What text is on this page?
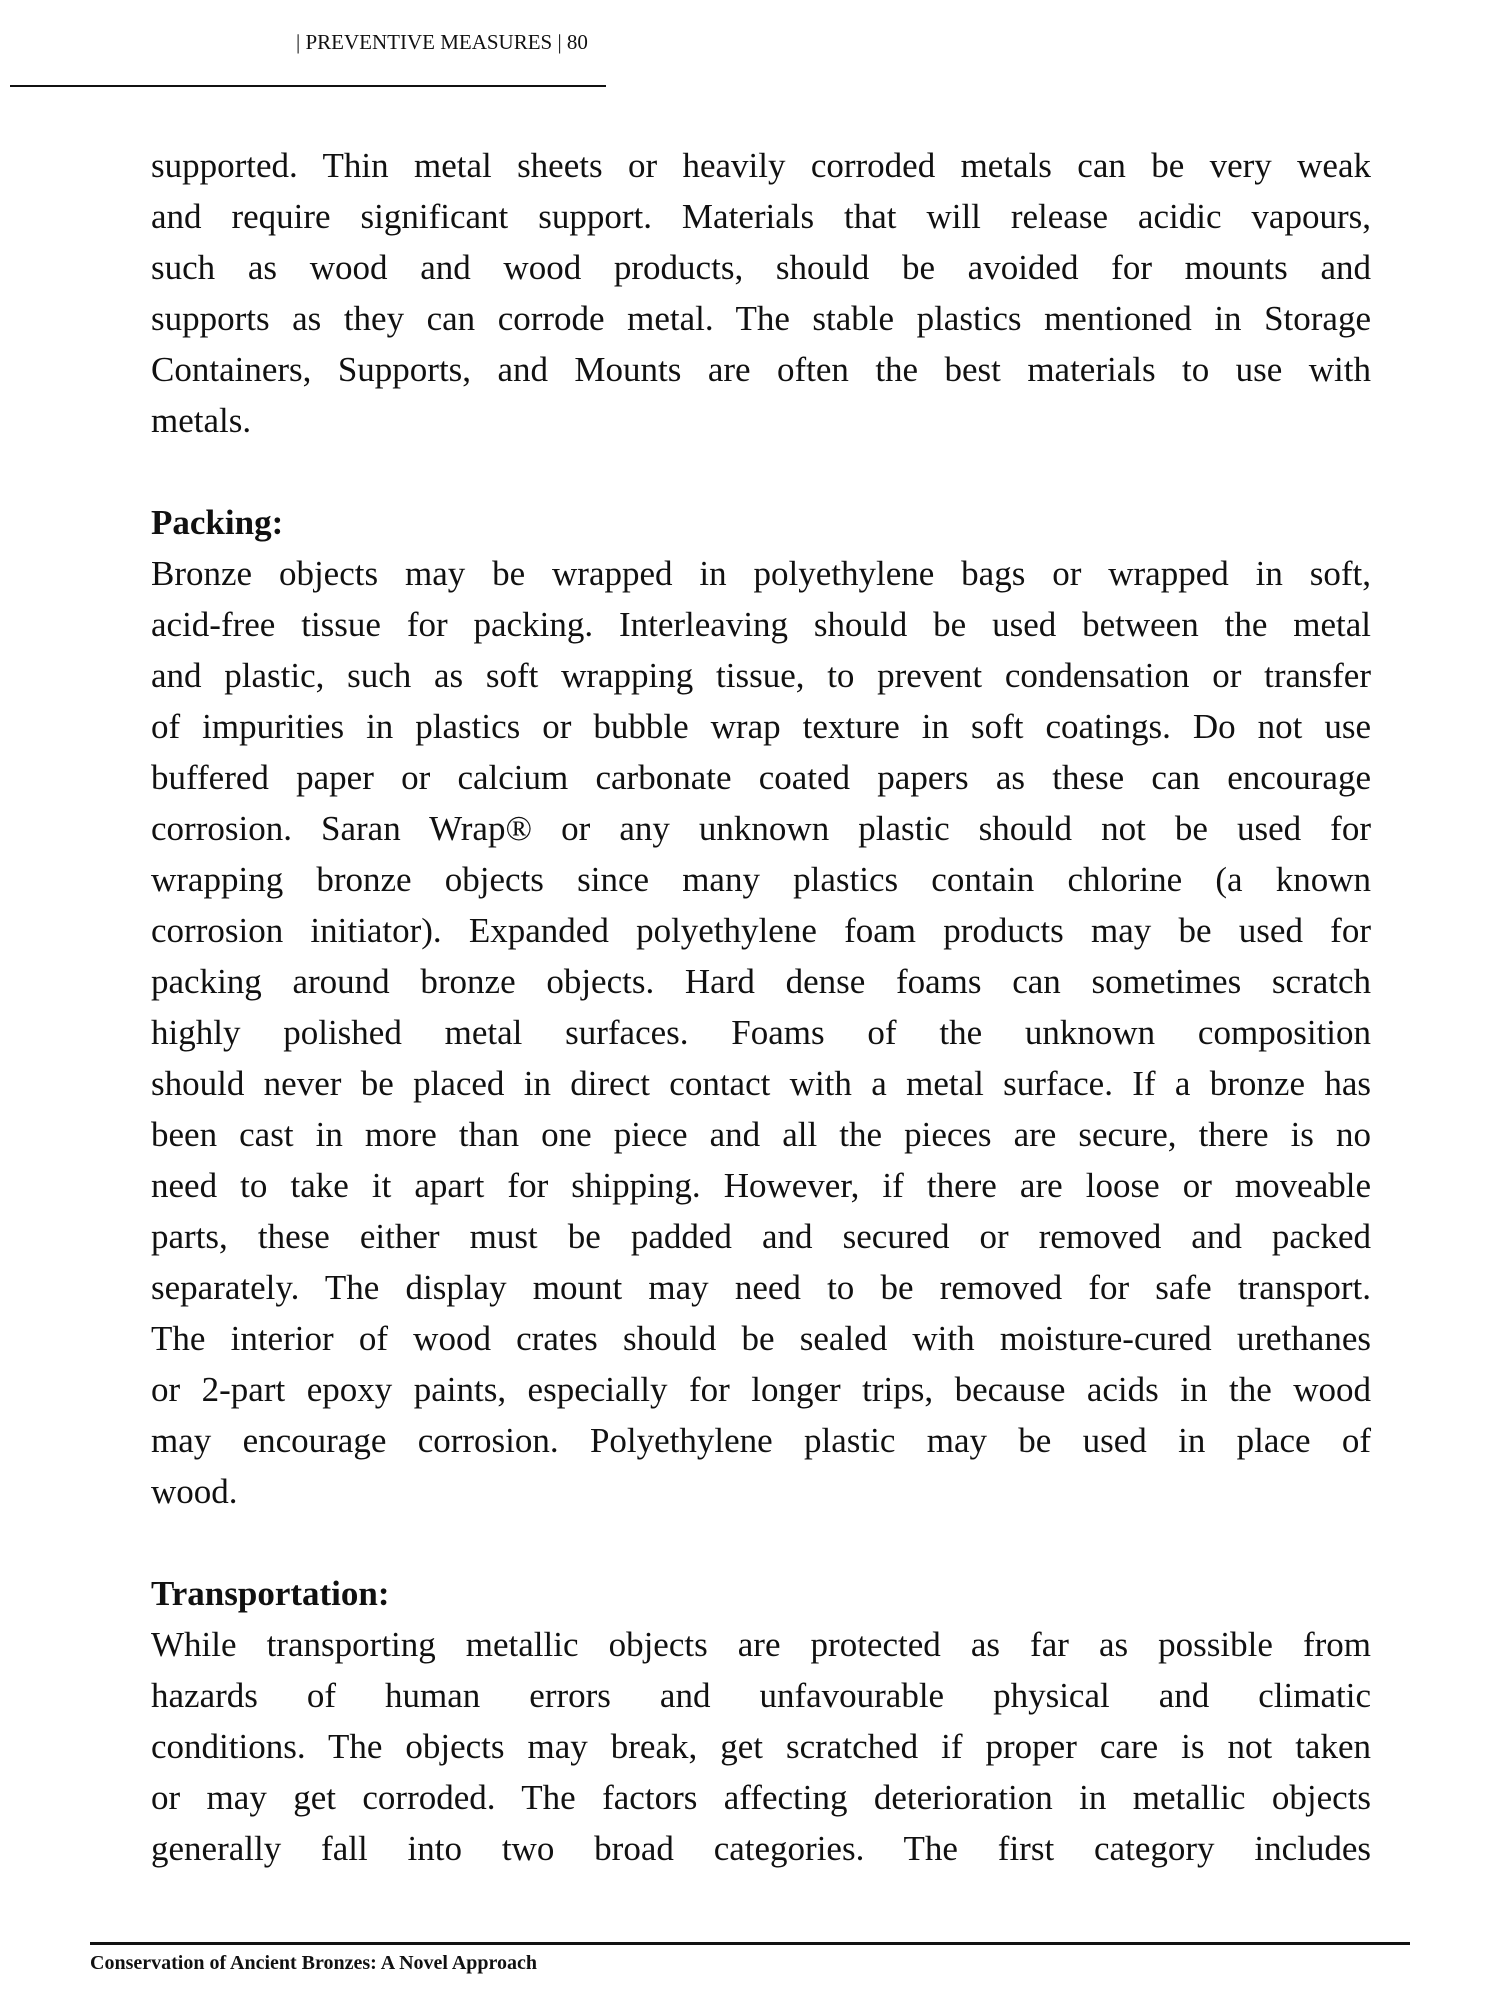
| PREVENTIVE MEASURES | 80
supported. Thin metal sheets or heavily corroded metals can be very weak
and require significant support. Materials that will release acidic vapours,
such as wood and wood products, should be avoided for mounts and
supports as they can corrode metal. The stable plastics mentioned in Storage
Containers, Supports, and Mounts are often the best materials to use with
metals.
Packing:
Bronze objects may be wrapped in polyethylene bags or wrapped in soft,
acid-free tissue for packing. Interleaving should be used between the metal
and plastic, such as soft wrapping tissue, to prevent condensation or transfer
of impurities in plastics or bubble wrap texture in soft coatings. Do not use
buffered paper or calcium carbonate coated papers as these can encourage
corrosion. Saran Wrap® or any unknown plastic should not be used for
wrapping bronze objects since many plastics contain chlorine (a known
corrosion initiator). Expanded polyethylene foam products may be used for
packing around bronze objects. Hard dense foams can sometimes scratch
highly polished metal surfaces. Foams of the unknown composition
should never be placed in direct contact with a metal surface. If a bronze has
been cast in more than one piece and all the pieces are secure, there is no
need to take it apart for shipping. However, if there are loose or moveable
parts, these either must be padded and secured or removed and packed
separately. The display mount may need to be removed for safe transport.
The interior of wood crates should be sealed with moisture-cured urethanes
or 2-part epoxy paints, especially for longer trips, because acids in the wood
may encourage corrosion. Polyethylene plastic may be used in place of
wood.
Transportation:
While transporting metallic objects are protected as far as possible from
hazards of human errors and unfavourable physical and climatic
conditions. The objects may break, get scratched if proper care is not taken
or may get corroded. The factors affecting deterioration in metallic objects
generally fall into two broad categories. The first category includes
Conservation of Ancient Bronzes: A Novel Approach
